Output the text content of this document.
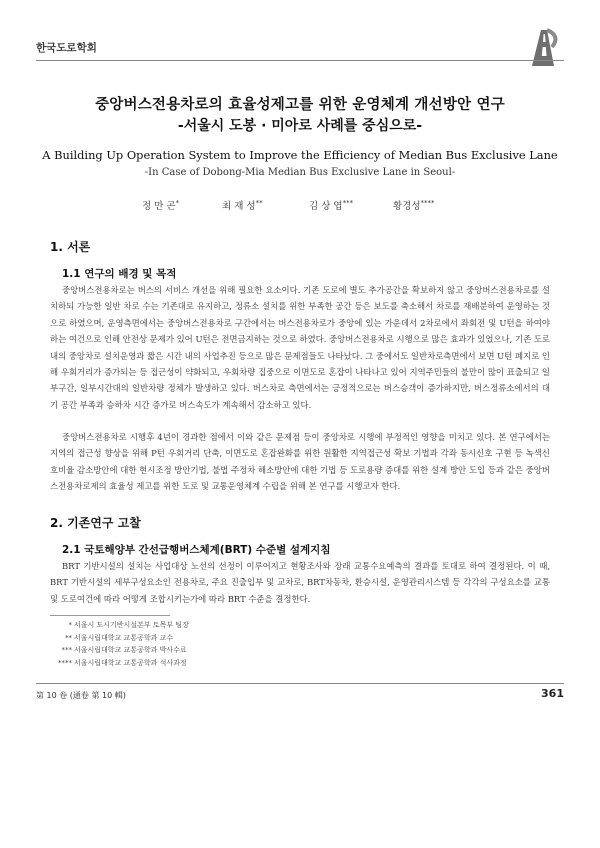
한국도로학회
중앙버스전용차로의 효율성제고를 위한 운영체계 개선방안 연구
-서울시 도봉 · 미아로 사례를 중심으로-
A Building Up Operation System to Improve the Efficiency of Median Bus Exclusive Lane
-In Case of Dobong-Mia Median Bus Exclusive Lane in Seoul-
정 만 곤*	최 재 성**	김 상 엽***	황경성****
1. 서론
1.1 연구의 배경 및 목적

중앙버스전용차로는 버스의 서비스 개선을 위해 필요한 요소이다. 기존 도로에 별도 추가공간을 확보하지 않고 중앙버스전용차로를 설치하되 가능한 일반 차로 수는 기존대로 유지하고, 정류소 설치를 위한 부족한 공간 등은 보도를 축소해서 차로를 재배분하여 운영하는 것으로 하였으며, 운영측면에서는 중앙버스전용차로 구간에서는 버스전용차로가 중앙에 있는 가운데서 2차로에서 좌회전 및 U턴을 하여야 하는 여건으로 인해 안전상 문제가 있어 U턴은 전면금지하는 것으로 하였다. 중앙버스전용차로 시행으로 많은 효과가 있었으나, 기존 도로 내의 중앙차로 설치운영과 짧은 시간 내의 사업추진 등으로 많은 문제점들도 나타났다. 그 중에서도 일반차로측면에서 보면 U턴 폐지로 인해 우회거리가 증가되는 등 접근성이 약화되고, 우회차량 집중으로 이면도로 혼잡이 나타나고 있어 지역주민들의 불만이 많이 표출되고 일부구간, 일부시간대의 일반차량 정체가 발생하고 있다. 버스차로 측면에서는 긍정적으로는 버스승객이 증가하지만, 버스정류소에서의 대기 공간 부족과 승하차 시간 증가로 버스속도가 계속해서 감소하고 있다.

중앙버스전용차로 시행후 4년이 경과한 점에서 이와 같은 문제점 등이 중앙차로 시행에 부정적인 영향을 미치고 있다. 본 연구에서는 지역의 접근성 향상을 위해 P턴 우회거리 단축, 이면도로 혼잡완화를 위한 원활한 지역접근성 확보 기법과 각좌 동시신호 구현 등 녹색신호비율 감소방안에 대한 현시조정 방안기법, 불법 주정차 해소방안에 대한 기법 등 도로용량 증대를 위한 설계 방안 도입 등과 같은 중앙버스전용차로제의 효율성 제고를 위한 도로 및 교통운영체계 수립을 위해 본 연구를 시행코자 한다.

2. 기존연구 고찰
2.1 국토해양부 간선급행버스체계(BRT) 수준별 설계지침

BRT 기반시설의 설치는 사업대상 노선의 선정이 이루어지고 현황조사와 장래 교통수요예측의 결과를 토대로 하여 결정된다. 이 때, BRT 기반시설의 세부구성요소인 전용차로, 주요 진출입부 및 교차로, BRT차동차, 환승시설, 운영관리시스템 등 각각의 구성요소를 교통 및 도로여건에 따라 어떻게 조합시키는가에 따라 BRT 수준을 결정한다.

* 서울시 도시기반시설본부 토목부 팀장
** 서울시립대학교 교통공학과 교수
*** 서울시립대학교 교통공학과 박사수료
**** 서울시립대학교 교통공학과 석사과정
第 10 卷 (通卷 第 10 輯)	361
